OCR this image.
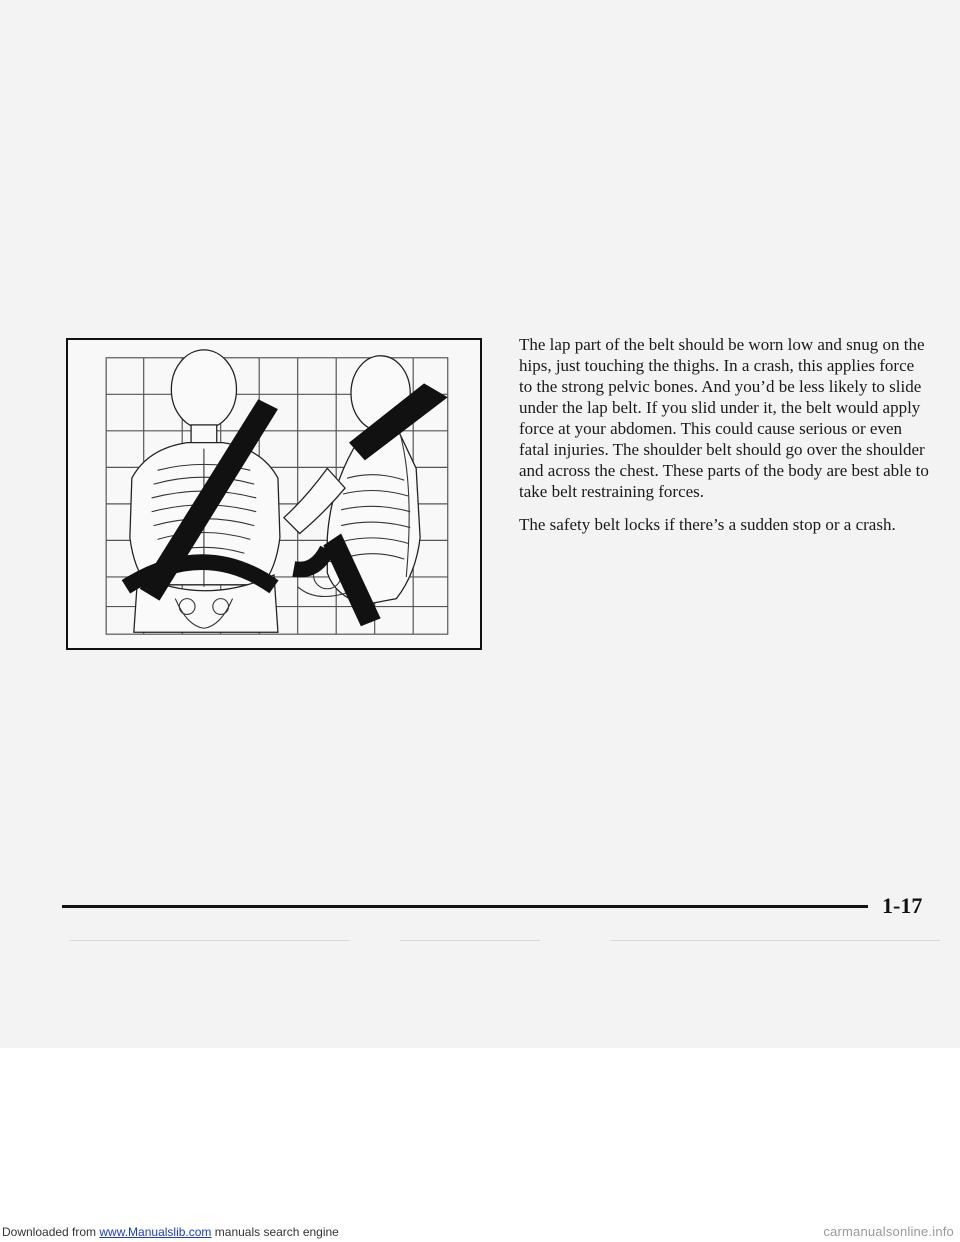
The lap part of the belt should be worn low and snug on the hips, just touching the thighs. In a crash, this applies force to the strong pelvic bones. And you’d be less likely to slide under the lap belt. If you slid under it, the belt would apply force at your abdomen. This could cause serious or even fatal injuries. The shoulder belt should go over the shoulder and across the chest. These parts of the body are best able to take belt restraining forces.

The safety belt locks if there’s a sudden stop or a crash.

1-17
Downloaded from www.Manualslib.com manuals search engine	carmanualsonline.info
